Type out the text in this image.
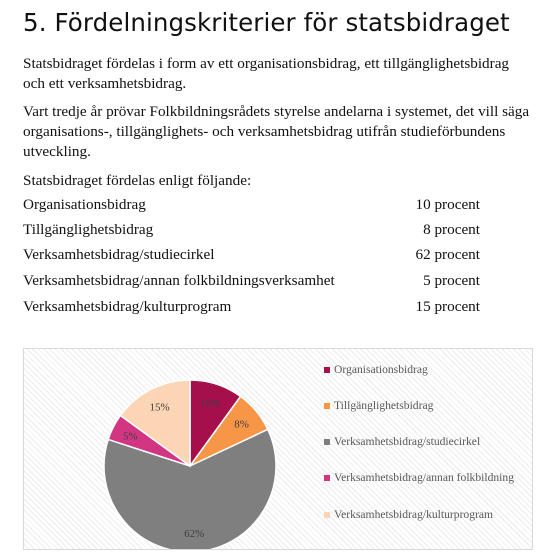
5. Fördelningskriterier för statsbidraget

Statsbidraget fördelas i form av ett organisationsbidrag, ett tillgänglighetsbidrag och ett verksamhetsbidrag.

Vart tredje år prövar Folkbildningsrådets styrelse andelarna i systemet, det vill säga organisations-, tillgänglighets- och verksamhetsbidrag utifrån studieförbundens utveckling.

Statsbidraget fördelas enligt följande:

Organisationsbidrag	10 procent
Tillgänglighetsbidrag	8 procent
Verksamhetsbidrag/studiecirkel	62 procent
Verksamhetsbidrag/annan folkbildningsverksamhet	5 procent
Verksamhetsbidrag/kulturprogram	15 procent
10%
8%
62%
5%
15%
Organisationsbidrag
Tillgänglighetsbidrag
Verksamhetsbidrag/studiecirkel
Verksamhetsbidrag/annan folkbildning
Verksamhetsbidrag/kulturprogram
